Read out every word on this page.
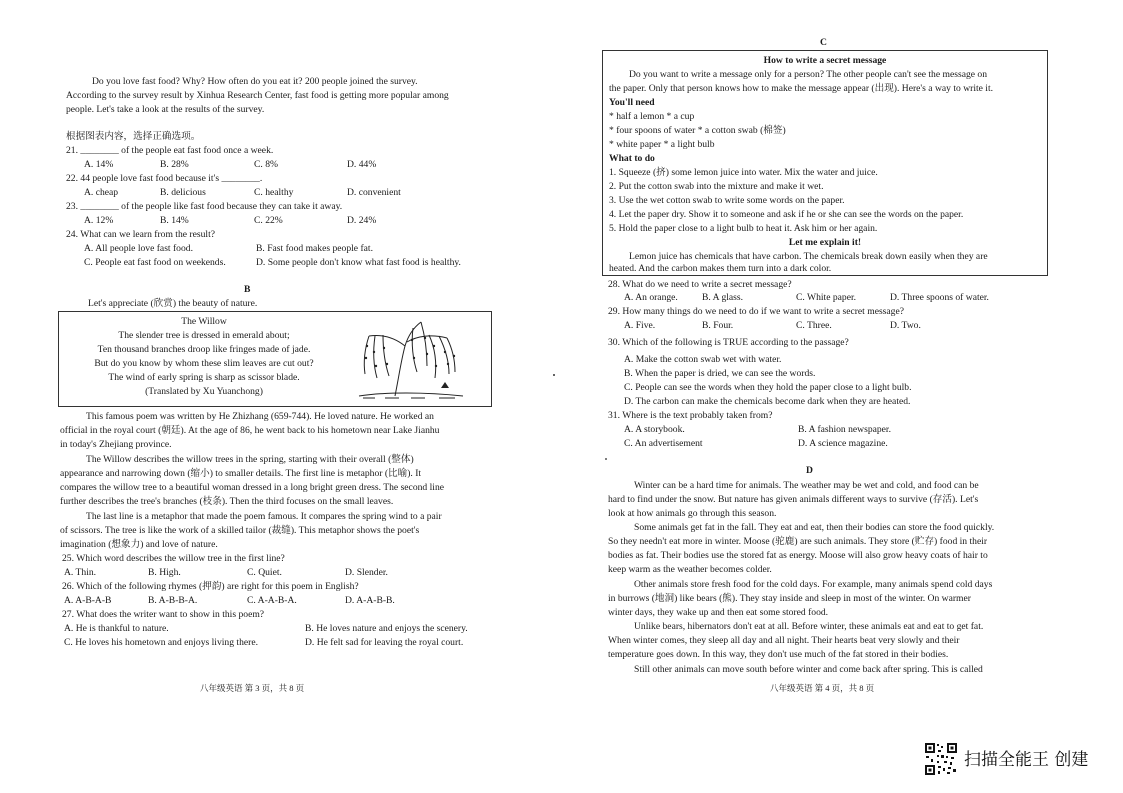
Do you love fast food? Why? How often do you eat it? 200 people joined the survey.
According to the survey result by Xinhua Research Center, fast food is getting more popular among
people. Let's take a look at the results of the survey.
根据图表内容，选择正确选项。
21. ________ of the people eat fast food once a week.
A. 14%	B. 28%	C. 8%	D. 44%
22. 44 people love fast food because it's ________.
A. cheap	B. delicious	C. healthy	D. convenient
23. ________ of the people like fast food because they can take it away.
A. 12%	B. 14%	C. 22%	D. 24%
24. What can we learn from the result?
A. All people love fast food.	B. Fast food makes people fat.
C. People eat fast food on weekends.	D. Some people don't know what fast food is healthy.
B
Let's appreciate (欣赏) the beauty of nature.
The Willow
The slender tree is dressed in emerald about;
Ten thousand branches droop like fringes made of jade.
But do you know by whom these slim leaves are cut out?
The wind of early spring is sharp as scissor blade.
(Translated by Xu Yuanchong)
This famous poem was written by He Zhizhang (659-744). He loved nature. He worked an
official in the royal court (朝廷). At the age of 86, he went back to his hometown near Lake Jianhu
in today's Zhejiang province.
The Willow describes the willow trees in the spring, starting with their overall (整体)
appearance and narrowing down (缩小) to smaller details. The first line is metaphor (比喻). It
compares the willow tree to a beautiful woman dressed in a long bright green dress. The second line
further describes the tree's branches (枝条). Then the third focuses on the small leaves.
The last line is a metaphor that made the poem famous. It compares the spring wind to a pair
of scissors. The tree is like the work of a skilled tailor (裁缝). This metaphor shows the poet's
imagination (想象力) and love of nature.
25. Which word describes the willow tree in the first line?
A. Thin.	B. High.	C. Quiet.	D. Slender.
26. Which of the following rhymes (押韵) are right for this poem in English?
A. A-B-A-B	B. A-B-B-A.	C. A-A-B-A.	D. A-A-B-B.
27. What does the writer want to show in this poem?
A. He is thankful to nature.	B. He loves nature and enjoys the scenery.
C. He loves his hometown and enjoys living there.	D. He felt sad for leaving the royal court.
八年级英语 第 3 页，共 8 页
C
How to write a secret message
Do you want to write a message only for a person? The other people can't see the message on
the paper. Only that person knows how to make the message appear (出现). Here's a way to write it.
You'll need
* half a lemon * a cup
* four spoons of water * a cotton swab (棉签)
* white paper * a light bulb
What to do
1. Squeeze (挤) some lemon juice into water. Mix the water and juice.
2. Put the cotton swab into the mixture and make it wet.
3. Use the wet cotton swab to write some words on the paper.
4. Let the paper dry. Show it to someone and ask if he or she can see the words on the paper.
5. Hold the paper close to a light bulb to heat it. Ask him or her again.
Let me explain it!
Lemon juice has chemicals that have carbon. The chemicals break down easily when they are
heated. And the carbon makes them turn into a dark color.
28. What do we need to write a secret message?
A. An orange.	B. A glass.	C. White paper.	D. Three spoons of water.
29. How many things do we need to do if we want to write a secret message?
A. Five.	B. Four.	C. Three.	D. Two.
30. Which of the following is TRUE according to the passage?
A. Make the cotton swab wet with water.
B. When the paper is dried, we can see the words.
C. People can see the words when they hold the paper close to a light bulb.
D. The carbon can make the chemicals become dark when they are heated.
31. Where is the text probably taken from?
A. A storybook.	B. A fashion newspaper.
C. An advertisement	D. A science magazine.
D
Winter can be a hard time for animals. The weather may be wet and cold, and food can be
hard to find under the snow. But nature has given animals different ways to survive (存活). Let's
look at how animals go through this season.
Some animals get fat in the fall. They eat and eat, then their bodies can store the food quickly.
So they needn't eat more in winter. Moose (驼鹿) are such animals. They store (贮存) food in their
bodies as fat. Their bodies use the stored fat as energy. Moose will also grow heavy coats of hair to
keep warm as the weather becomes colder.
Other animals store fresh food for the cold days. For example, many animals spend cold days
in burrows (地洞) like bears (熊). They stay inside and sleep in most of the winter. On warmer
winter days, they wake up and then eat some stored food.
Unlike bears, hibernators don't eat at all. Before winter, these animals eat and eat to get fat.
When winter comes, they sleep all day and all night. Their hearts beat very slowly and their
temperature goes down. In this way, they don't use much of the fat stored in their bodies.
Still other animals can move south before winter and come back after spring. This is called
八年级英语 第 4 页，共 8 页
扫描全能王 创建
